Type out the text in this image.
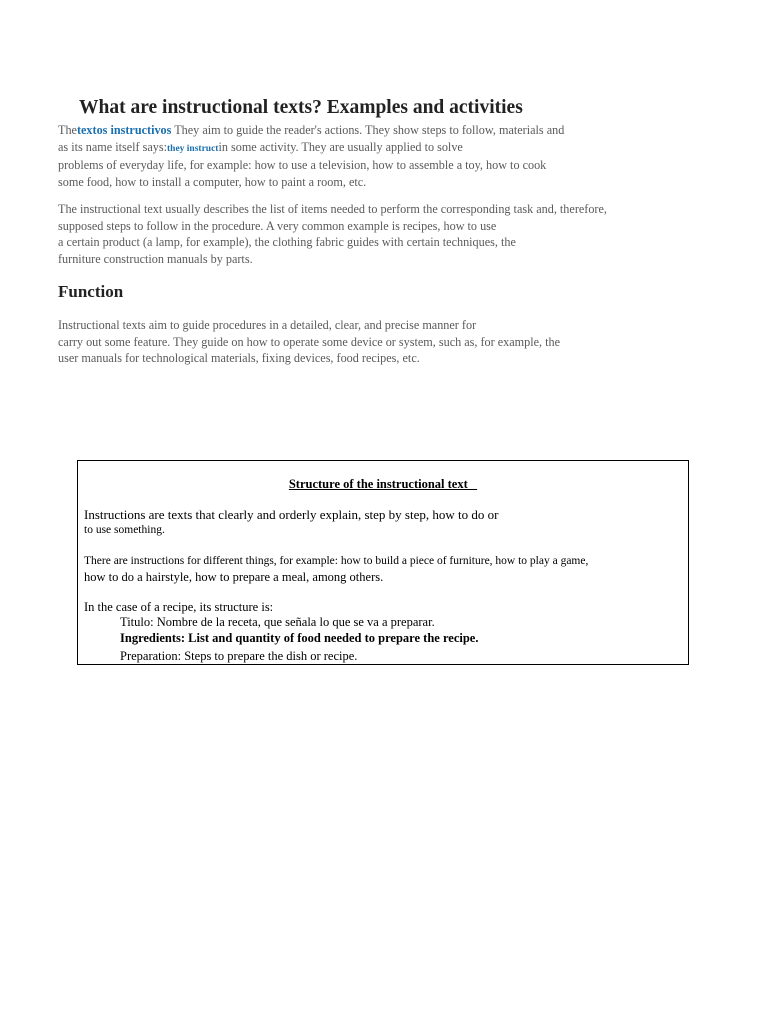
What are instructional texts? Examples and activities
Thetextos instructivos They aim to guide the reader's actions. They show steps to follow, materials and
as its name itself says:they instructin some activity. They are usually applied to solve
problems of everyday life, for example: how to use a television, how to assemble a toy, how to cook
some food, how to install a computer, how to paint a room, etc.
The instructional text usually describes the list of items needed to perform the corresponding task and, therefore,
supposed steps to follow in the procedure. A very common example is recipes, how to use
a certain product (a lamp, for example), the clothing fabric guides with certain techniques, the
furniture construction manuals by parts.
Function
Instructional texts aim to guide procedures in a detailed, clear, and precise manner for
carry out some feature. They guide on how to operate some device or system, such as, for example, the
user manuals for technological materials, fixing devices, food recipes, etc.
Structure of the instructional text

Instructions are texts that clearly and orderly explain, step by step, how to do or

to use something.

There are instructions for different things, for example: how to build a piece of furniture, how to play a game,

how to do a hairstyle, how to prepare a meal, among others.

In the case of a recipe, its structure is:

Titulo: Nombre de la receta, que señala lo que se va a preparar.
Ingredients: List and quantity of food needed to prepare the recipe.
Preparation: Steps to prepare the dish or recipe.
